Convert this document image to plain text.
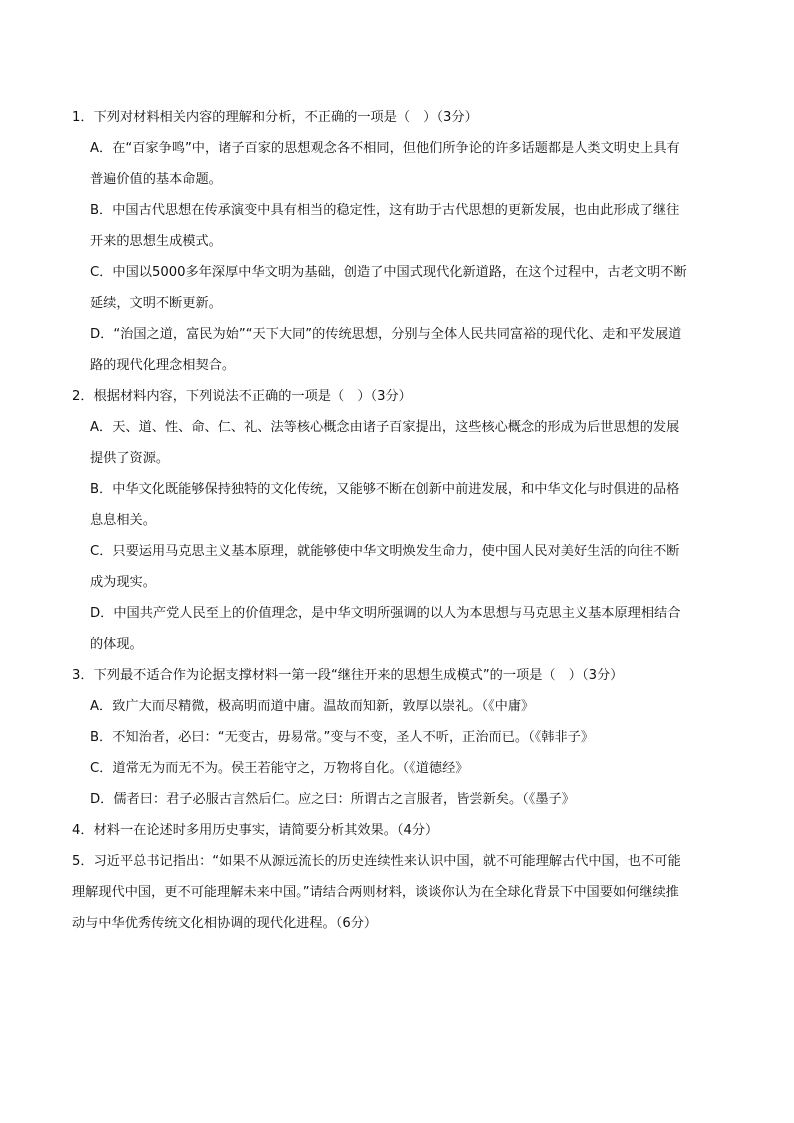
1．下列对材料相关内容的理解和分析，不正确的一项是（　）（3分）
A．在“百家争鸣”中，诸子百家的思想观念各不相同，但他们所争论的许多话题都是人类文明史上具有
普遍价值的基本命题。
B．中国古代思想在传承演变中具有相当的稳定性，这有助于古代思想的更新发展，也由此形成了继往
开来的思想生成模式。
C．中国以5000多年深厚中华文明为基础，创造了中国式现代化新道路，在这个过程中，古老文明不断
延续，文明不断更新。
D．“治国之道，富民为始”“天下大同”的传统思想，分别与全体人民共同富裕的现代化、走和平发展道
路的现代化理念相契合。
2．根据材料内容，下列说法不正确的一项是（　）（3分）
A．天、道、性、命、仁、礼、法等核心概念由诸子百家提出，这些核心概念的形成为后世思想的发展
提供了资源。
B．中华文化既能够保持独特的文化传统，又能够不断在创新中前进发展，和中华文化与时俱进的品格
息息相关。
C．只要运用马克思主义基本原理，就能够使中华文明焕发生命力，使中国人民对美好生活的向往不断
成为现实。
D．中国共产党人民至上的价值理念，是中华文明所强调的以人为本思想与马克思主义基本原理相结合
的体现。
3．下列最不适合作为论据支撑材料一第一段“继往开来的思想生成模式”的一项是（　）（3分）
A．致广大而尽精微，极高明而道中庸。温故而知新，敦厚以崇礼。（《中庸》
B．不知治者，必曰：“无变古，毋易常。”变与不变，圣人不听，正治而已。（《韩非子》
C．道常无为而无不为。侯王若能守之，万物将自化。（《道德经》
D．儒者曰：君子必服古言然后仁。应之曰：所谓古之言服者，皆尝新矣。（《墨子》
4．材料一在论述时多用历史事实，请简要分析其效果。（4分）
5．习近平总书记指出：“如果不从源远流长的历史连续性来认识中国，就不可能理解古代中国，也不可能
理解现代中国，更不可能理解未来中国。”请结合两则材料，谈谈你认为在全球化背景下中国要如何继续推
动与中华优秀传统文化相协调的现代化进程。（6分）
